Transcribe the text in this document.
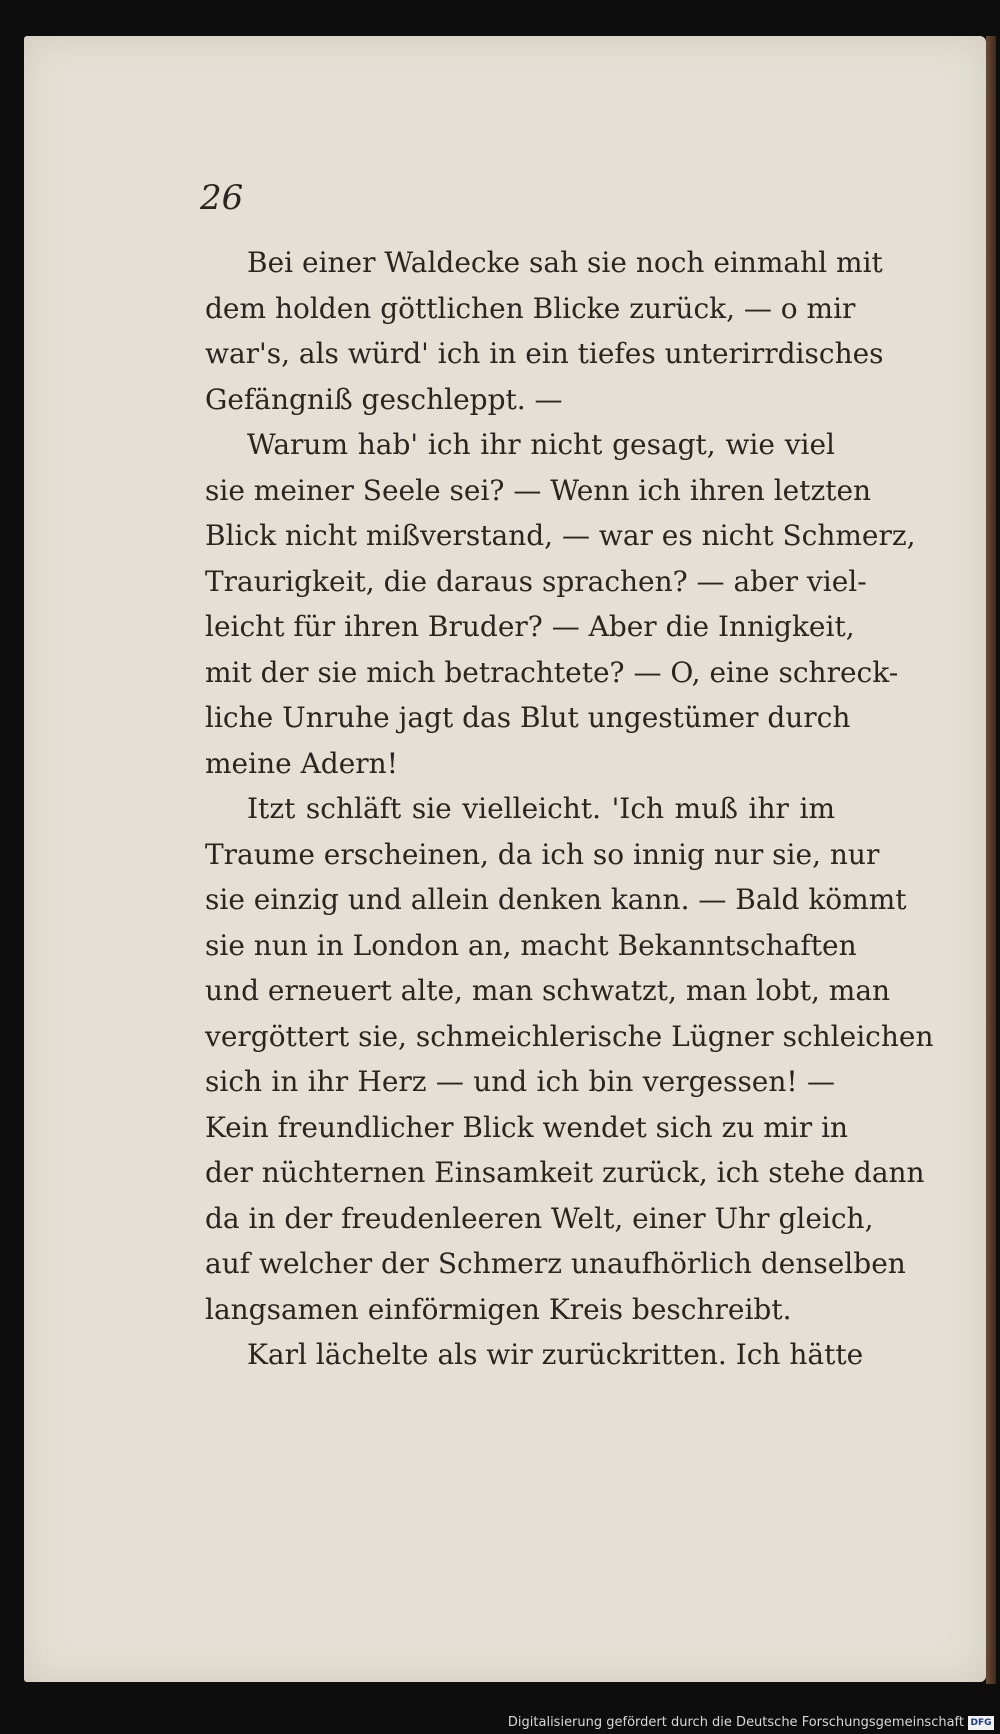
26
Bei einer Waldecke sah sie noch einmahl mit
dem holden göttlichen Blicke zurück, — o mir
war's, als würd' ich in ein tiefes unterirrdisches
Gefängniß geschleppt. —
Warum hab' ich ihr nicht gesagt, wie viel
sie meiner Seele sei? — Wenn ich ihren letzten
Blick nicht mißverstand, — war es nicht Schmerz,
Traurigkeit, die daraus sprachen? — aber viel-
leicht für ihren Bruder? — Aber die Innigkeit,
mit der sie mich betrachtete? — O, eine schreck-
liche Unruhe jagt das Blut ungestümer durch
meine Adern!
Itzt schläft sie vielleicht. 'Ich muß ihr im
Traume erscheinen, da ich so innig nur sie, nur
sie einzig und allein denken kann. — Bald kömmt
sie nun in London an, macht Bekanntschaften
und erneuert alte, man schwatzt, man lobt, man
vergöttert sie, schmeichlerische Lügner schleichen
sich in ihr Herz — und ich bin vergessen! —
Kein freundlicher Blick wendet sich zu mir in
der nüchternen Einsamkeit zurück, ich stehe dann
da in der freudenleeren Welt, einer Uhr gleich,
auf welcher der Schmerz unaufhörlich denselben
langsamen einförmigen Kreis beschreibt.
Karl lächelte als wir zurückritten. Ich hätte
Digitalisierung gefördert durch die Deutsche Forschungsgemeinschaft DFG
